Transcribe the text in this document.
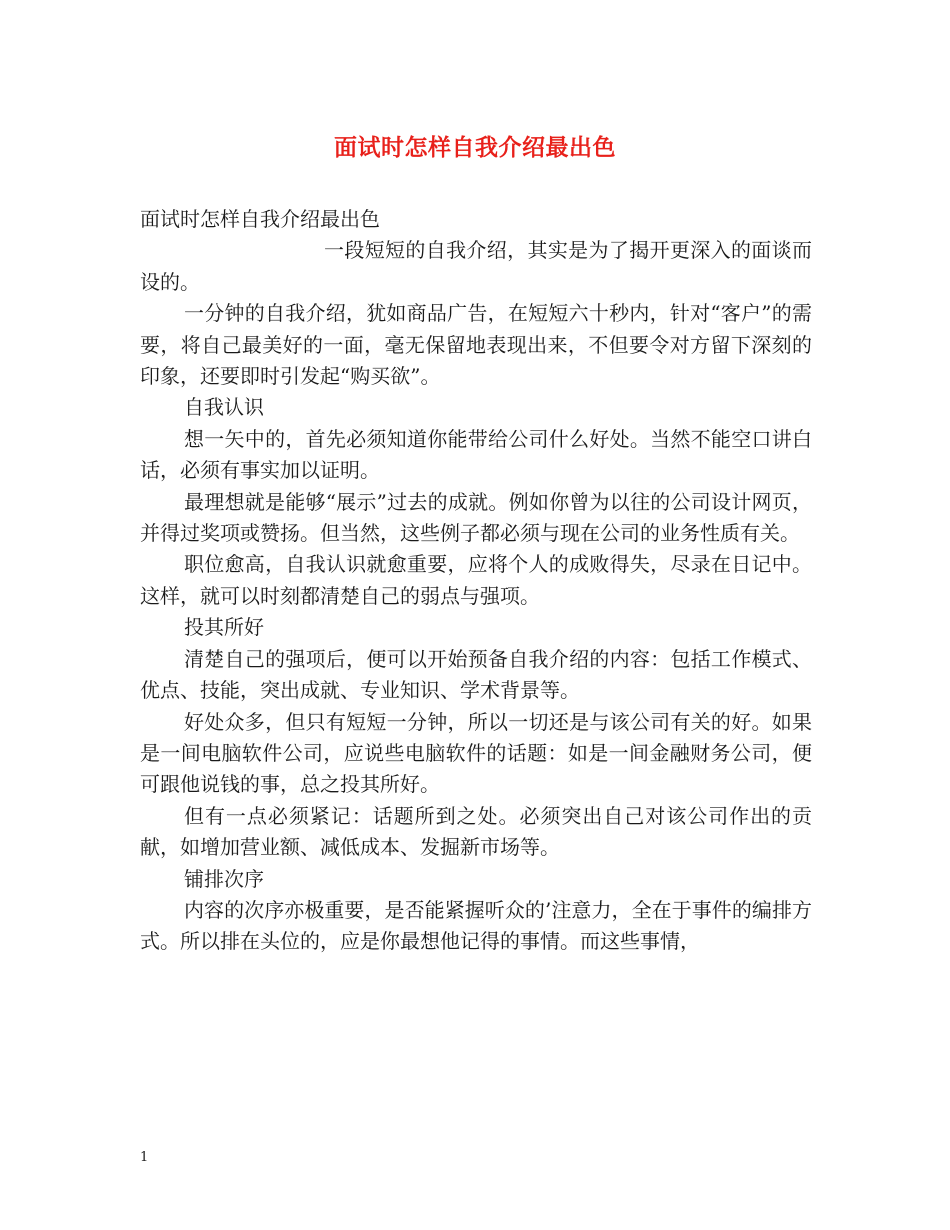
面试时怎样自我介绍最出色

面试时怎样自我介绍最出色

一段短短的自我介绍，其实是为了揭开更深入的面谈而设的。

一分钟的自我介绍，犹如商品广告，在短短六十秒内，针对“客户”的需要，将自己最美好的一面，毫无保留地表现出来，不但要令对方留下深刻的印象，还要即时引发起“购买欲”。

自我认识

想一矢中的，首先必须知道你能带给公司什么好处。当然不能空口讲白话，必须有事实加以证明。

最理想就是能够“展示”过去的成就。例如你曾为以往的公司设计网页，并得过奖项或赞扬。但当然，这些例子都必须与现在公司的业务性质有关。

职位愈高，自我认识就愈重要，应将个人的成败得失，尽录在日记中。这样，就可以时刻都清楚自己的弱点与强项。

投其所好

清楚自己的强项后，便可以开始预备自我介绍的内容：包括工作模式、优点、技能，突出成就、专业知识、学术背景等。

好处众多，但只有短短一分钟，所以一切还是与该公司有关的好。如果是一间电脑软件公司，应说些电脑软件的话题：如是一间金融财务公司，便可跟他说钱的事，总之投其所好。

但有一点必须紧记：话题所到之处。必须突出自己对该公司作出的贡献，如增加营业额、减低成本、发掘新市场等。

铺排次序

内容的次序亦极重要，是否能紧握听众的’注意力，全在于事件的编排方式。所以排在头位的，应是你最想他记得的事情。而这些事情，

1
